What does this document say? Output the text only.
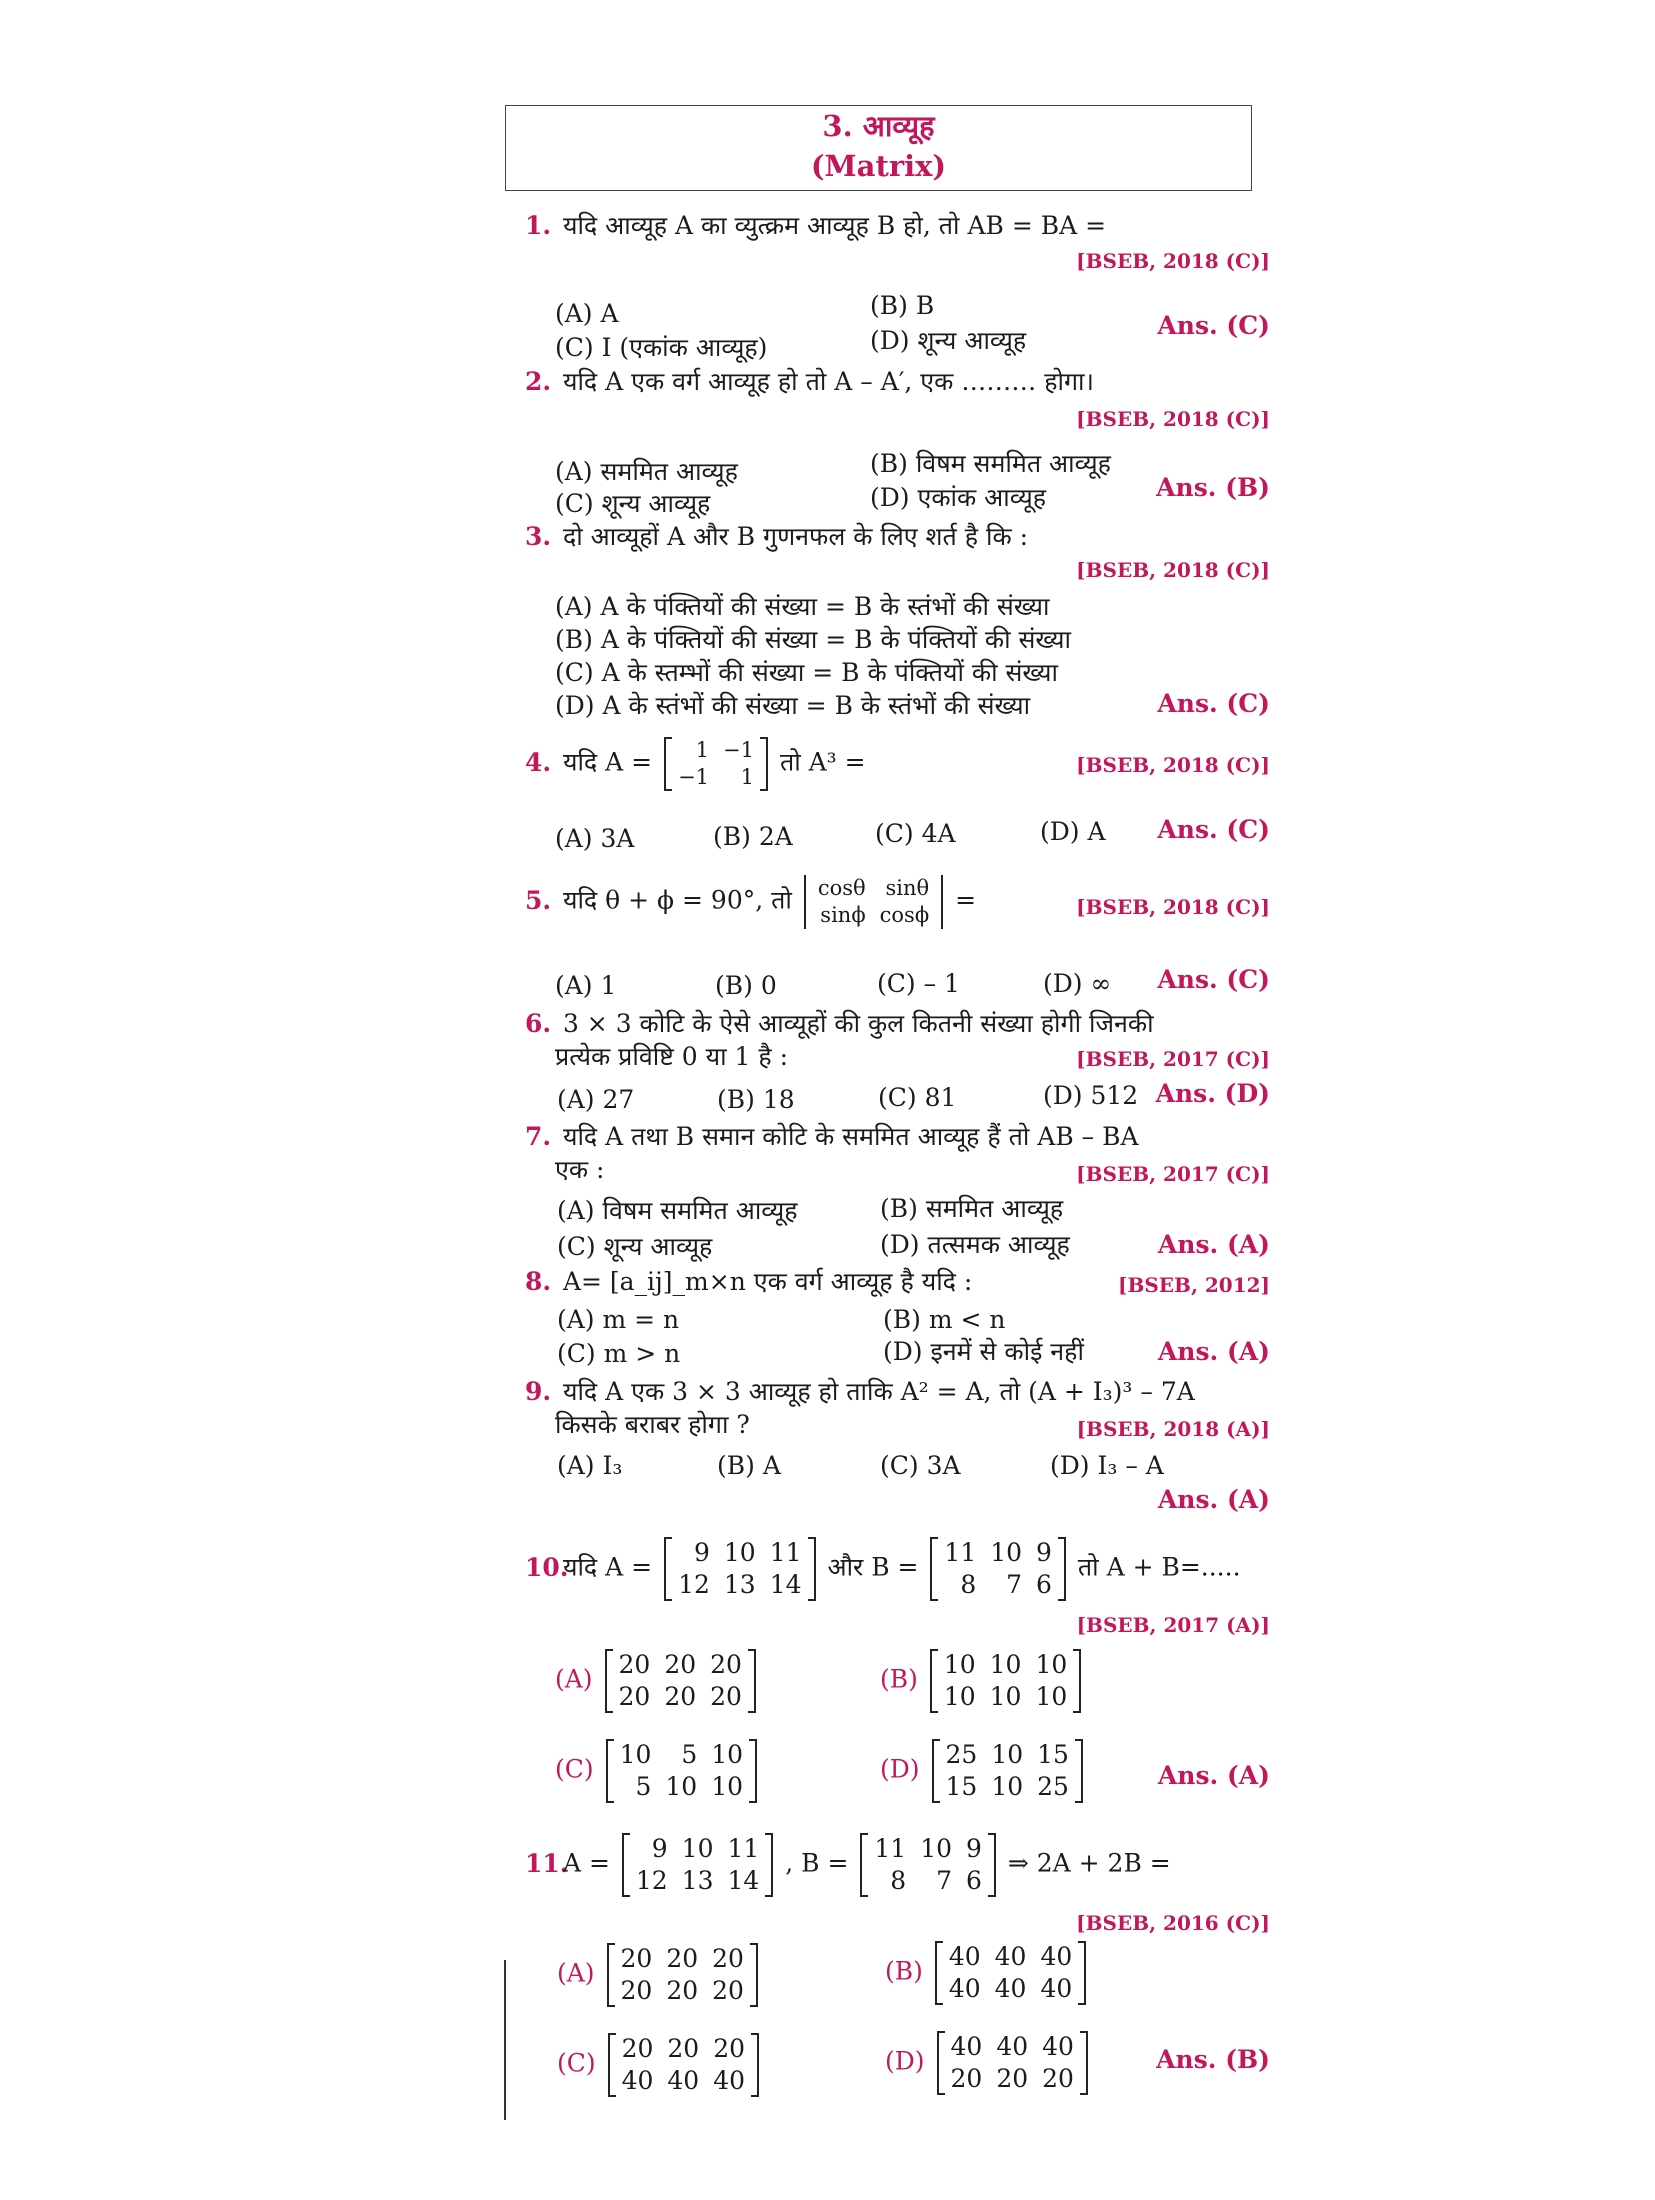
3. आव्यूह
(Matrix)
1. यदि आव्यूह A का व्युत्क्रम आव्यूह B हो, तो AB = BA =
[BSEB, 2018 (C)]
(A) A	(B) B
(C) I (एकांक आव्यूह)	(D) शून्य आव्यूह
Ans. (C)
2. यदि A एक वर्ग आव्यूह हो तो A – A′, एक ……… होगा।
[BSEB, 2018 (C)]
(A) सममित आव्यूह	(B) विषम सममित आव्यूह
(C) शून्य आव्यूह	(D) एकांक आव्यूह	Ans. (B)
3. दो आव्यूहों A और B गुणनफल के लिए शर्त है कि :
[BSEB, 2018 (C)]
(A) A के पंक्तियों की संख्या = B के स्तंभों की संख्या
(B) A के पंक्तियों की संख्या = B के पंक्तियों की संख्या
(C) A के स्तम्भों की संख्या = B के पंक्तियों की संख्या
(D) A के स्तंभों की संख्या = B के स्तंभों की संख्या	Ans. (C)
4. यदि A = 1	−1
−1	1
तो A³ =	[BSEB, 2018 (C)]
(A) 3A	(B) 2A	(C) 4A	(D) A Ans. (C)
5. यदि θ + ϕ = 90°, तो cosθ	sinθ
sinϕ	cosϕ
=	[BSEB, 2018 (C)]
(A) 1	(B) 0	(C) – 1	(D) ∞ Ans. (C)
6. 3 × 3 कोटि के ऐसे आव्यूहों की कुल कितनी संख्या होगी जिनकी
प्रत्येक प्रविष्टि 0 या 1 है :	[BSEB, 2017 (C)]
(A) 27	(B) 18	(C) 81	(D) 512 Ans. (D)
7. यदि A तथा B समान कोटि के सममित आव्यूह हैं तो AB – BA
एक :	[BSEB, 2017 (C)]
(A) विषम सममित आव्यूह	(B) सममित आव्यूह
(C) शून्य आव्यूह	(D) तत्समक आव्यूह	Ans. (A)
8. A= [a_ij]_m×n एक वर्ग आव्यूह है यदि :	[BSEB, 2012]
(A) m = n	(B) m < n
(C) m > n	(D) इनमें से कोई नहीं	Ans. (A)
9. यदि A एक 3 × 3 आव्यूह हो ताकि A² = A, तो (A + I₃)³ – 7A
किसके बराबर होगा ?	[BSEB, 2018 (A)]
(A) I₃	(B) A	(C) 3A	(D) I₃ – A
Ans. (A)
10. यदि A = 9	10	11
12	13	14
और B = 11	10	9
8	7	6
तो A + B=.....
[BSEB, 2017 (A)]
(A) 20	20	20
20	20	20
(B) 10	10	10
10	10	10
(C) 10	5	10
5	10	10
(D) 25	10	15
15	10	25	Ans. (A)
11. A = 9	10	11
12	13	14
, B = 11	10	9
8	7	6
⇒ 2A + 2B =
[BSEB, 2016 (C)]
(A) 20	20	20
20	20	20
(B) 40	40	40
40	40	40
(C) 20	20	20
40	40	40
(D) 40	40	40
20	20	20
Ans. (B)
